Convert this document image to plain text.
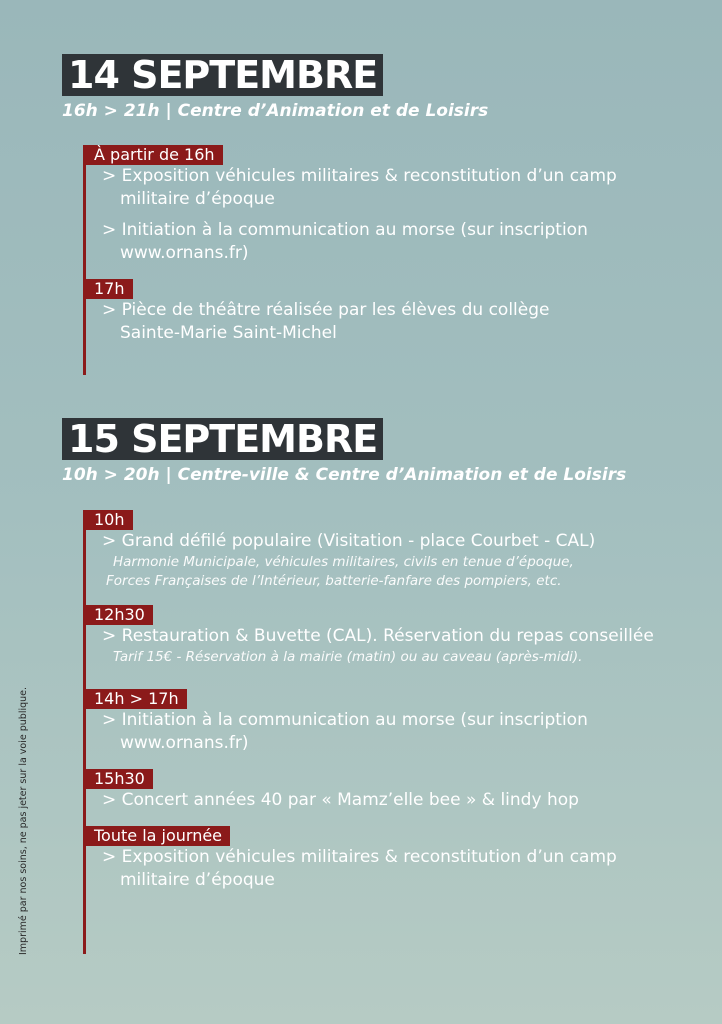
14 SEPTEMBRE
16h > 21h | Centre d’Animation et de Loisirs
À partir de 16h
> Exposition véhicules militaires & reconstitution d’un camp
militaire d’époque
> Initiation à la communication au morse (sur inscription
www.ornans.fr)
17h
> Pièce de théâtre réalisée par les élèves du collège
Sainte-Marie Saint-Michel
15 SEPTEMBRE
10h > 20h | Centre-ville & Centre d’Animation et de Loisirs
10h
> Grand défilé populaire (Visitation - place Courbet - CAL)
Harmonie Municipale, véhicules militaires, civils en tenue d’époque,
Forces Françaises de l’Intérieur, batterie-fanfare des pompiers, etc.
12h30
> Restauration & Buvette (CAL). Réservation du repas conseillée
Tarif 15€ - Réservation à la mairie (matin) ou au caveau (après-midi).
14h > 17h
> Initiation à la communication au morse (sur inscription
www.ornans.fr)
15h30
> Concert années 40 par « Mamz’elle bee » & lindy hop
Toute la journée
> Exposition véhicules militaires & reconstitution d’un camp
militaire d’époque
Imprimé par nos soins, ne pas jeter sur la voie publique.
